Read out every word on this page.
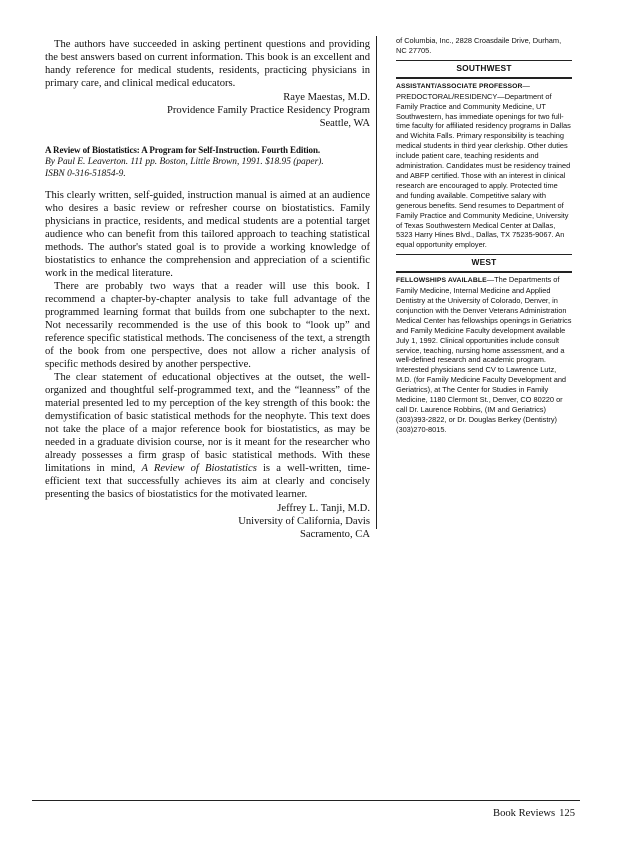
The authors have succeeded in asking pertinent questions and providing the best answers based on current information. This book is an excellent and handy reference for medical students, residents, practicing physicians in primary care, and clinical medical educators.

Raye Maestas, M.D.

Providence Family Practice Residency Program

Seattle, WA

A Review of Biostatistics: A Program for Self-Instruction. Fourth Edition.

By Paul E. Leaverton. 111 pp. Boston, Little Brown, 1991. $18.95 (paper).

ISBN 0-316-51854-9.

This clearly written, self-guided, instruction manual is aimed at an audience who desires a basic review or refresher course on biostatistics. Family physicians in practice, residents, and medical students are a potential target audience who can benefit from this tailored approach to teaching statistical methods. The author's stated goal is to provide a working knowledge of biostatistics to enhance the comprehension and appreciation of a scientific work in the medical literature.

There are probably two ways that a reader will use this book. I recommend a chapter-by-chapter analysis to take full advantage of the programmed learning format that builds from one subchapter to the next. Not necessarily recommended is the use of this book to “look up” and reference specific statistical methods. The conciseness of the text, a strength of the book from one perspective, does not allow a richer analysis of specific methods desired by another perspective.

The clear statement of educational objectives at the outset, the well-organized and thoughtful self-programmed text, and the “leanness” of the material presented led to my perception of the key strength of this book: the demystification of basic statistical methods for the neophyte. This text does not take the place of a major reference book for biostatistics, as may be needed in a graduate division course, nor is it meant for the researcher who already possesses a firm grasp of basic statistical methods. With these limitations in mind, A Review of Biostatistics is a well-written, time-efficient text that successfully achieves its aim at clearly and concisely presenting the basics of biostatistics for the motivated learner.

Jeffrey L. Tanji, M.D.

University of California, Davis

Sacramento, CA

of Columbia, Inc., 2828 Croasdaile Drive, Durham, NC 27705.

SOUTHWEST

ASSISTANT/ASSOCIATE PROFESSOR—PREDOCTORAL/RESIDENCY—Department of Family Practice and Community Medicine, UT Southwestern, has immediate openings for two full-time faculty for affiliated residency programs in Dallas and Wichita Falls. Primary responsibility is teaching medical students in third year clerkship. Other duties include patient care, teaching residents and administration. Candidates must be residency trained and ABFP certified. Those with an interest in clinical research are encouraged to apply. Protected time and funding available. Competitive salary with generous benefits. Send resumes to Department of Family Practice and Community Medicine, University of Texas Southwestern Medical Center at Dallas, 5323 Harry Hines Blvd., Dallas, TX 75235-9067. An equal opportunity employer.

WEST

FELLOWSHIPS AVAILABLE—The Departments of Family Medicine, Internal Medicine and Applied Dentistry at the University of Colorado, Denver, in conjunction with the Denver Veterans Administration Medical Center has fellowships openings in Geriatrics and Family Medicine Faculty development available July 1, 1992. Clinical opportunities include consult service, teaching, nursing home assessment, and a well-defined research and academic program. Interested physicians send CV to Lawrence Lutz, M.D. (for Family Medicine Faculty Development and Geriatrics), at The Center for Studies in Family Medicine, 1180 Clermont St., Denver, CO 80220 or call Dr. Laurence Robbins, (IM and Geriatrics) (303)393-2822, or Dr. Douglas Berkey (Dentistry) (303)270-8015.

Book Reviews 125
